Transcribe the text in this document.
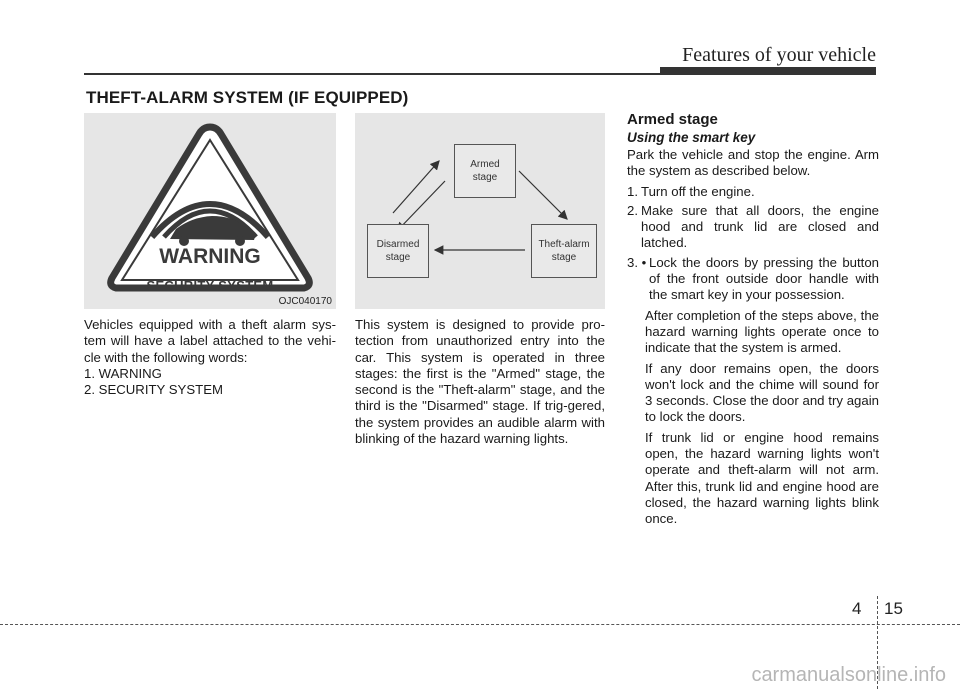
Features of your vehicle
THEFT-ALARM SYSTEM (IF EQUIPPED)
WARNING
SECURITY SYSTEM
OJC040170
Armed
stage
Disarmed
stage
Theft-alarm
stage

Vehicles equipped with a theft alarm sys-tem will have a label attached to the vehi-cle with the following words:

1. WARNING
2. SECURITY SYSTEM

This system is designed to provide pro-tection from unauthorized entry into the car. This system is operated in three stages: the first is the "Armed" stage, the second is the "Theft-alarm" stage, and the third is the "Disarmed" stage. If trig-gered, the system provides an audible alarm with blinking of the hazard warning lights.

Armed stage

Using the smart key

Park the vehicle and stop the engine. Arm the system as described below.

1. Turn off the engine.
2. Make sure that all doors, the engine hood and trunk lid are closed and latched.
3. • Lock the doors by pressing the button of the front outside door handle with the smart key in your possession.

After completion of the steps above, the hazard warning lights operate once to indicate that the system is armed.

If any door remains open, the doors won't lock and the chime will sound for 3 seconds. Close the door and try again to lock the doors.

If trunk lid or engine hood remains open, the hazard warning lights won't operate and theft-alarm will not arm. After this, trunk lid and engine hood are closed, the hazard warning lights blink once.

4 15
carmanualsonline.info
